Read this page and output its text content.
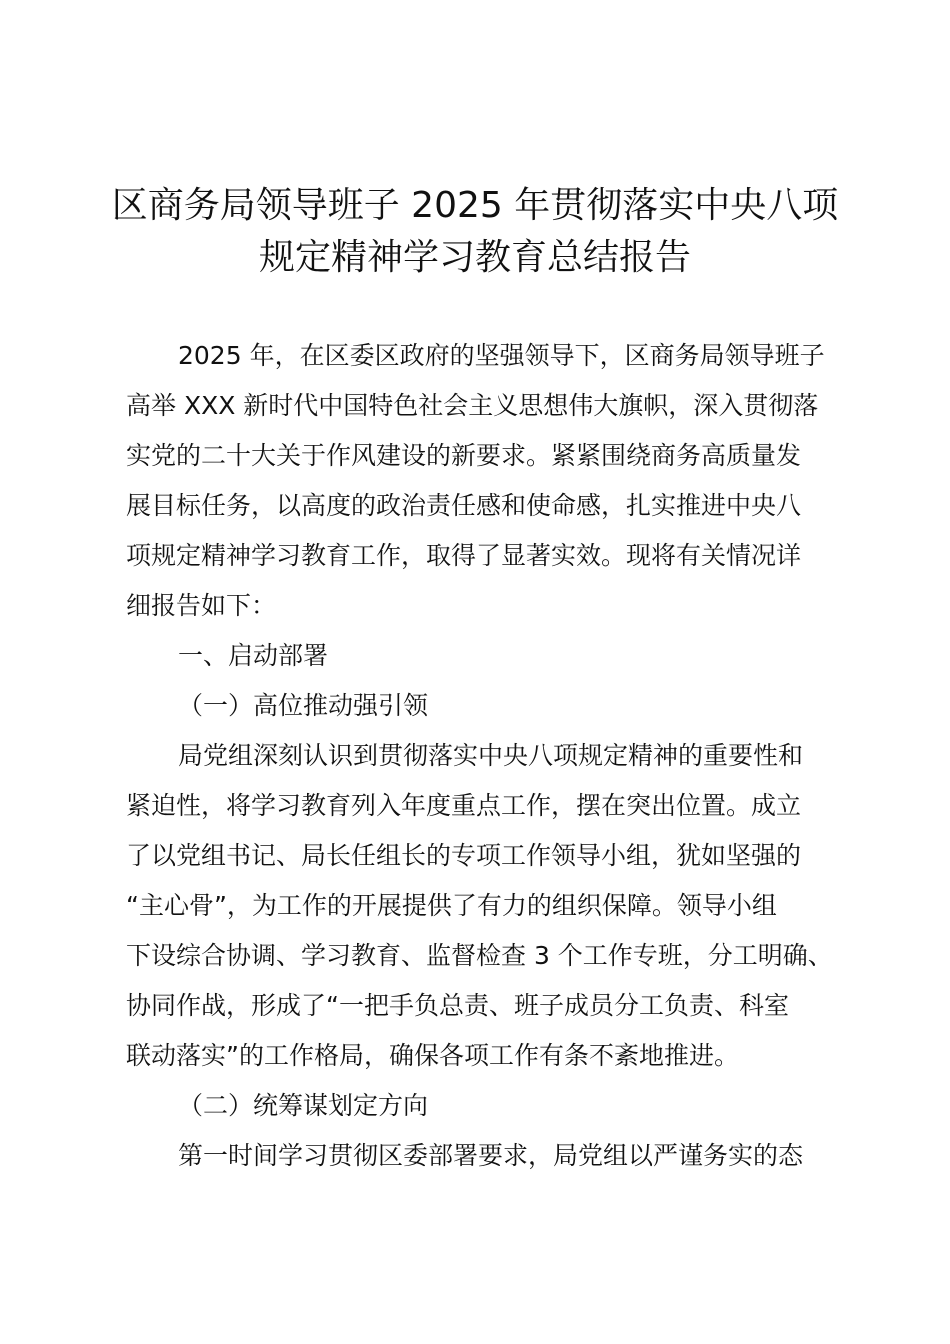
区商务局领导班子 2025 年贯彻落实中央八项
规定精神学习教育总结报告
2025 年，在区委区政府的坚强领导下，区商务局领导班子
高举 XXX 新时代中国特色社会主义思想伟大旗帜，深入贯彻落
实党的二十大关于作风建设的新要求。紧紧围绕商务高质量发
展目标任务，以高度的政治责任感和使命感，扎实推进中央八
项规定精神学习教育工作，取得了显著实效。现将有关情况详
细报告如下：
一、启动部署
（一）高位推动强引领
局党组深刻认识到贯彻落实中央八项规定精神的重要性和
紧迫性，将学习教育列入年度重点工作，摆在突出位置。成立
了以党组书记、局长任组长的专项工作领导小组，犹如坚强的
“主心骨”，为工作的开展提供了有力的组织保障。领导小组
下设综合协调、学习教育、监督检查 3 个工作专班，分工明确、
协同作战，形成了“一把手负总责、班子成员分工负责、科室
联动落实”的工作格局，确保各项工作有条不紊地推进。
（二）统筹谋划定方向
第一时间学习贯彻区委部署要求，局党组以严谨务实的态
